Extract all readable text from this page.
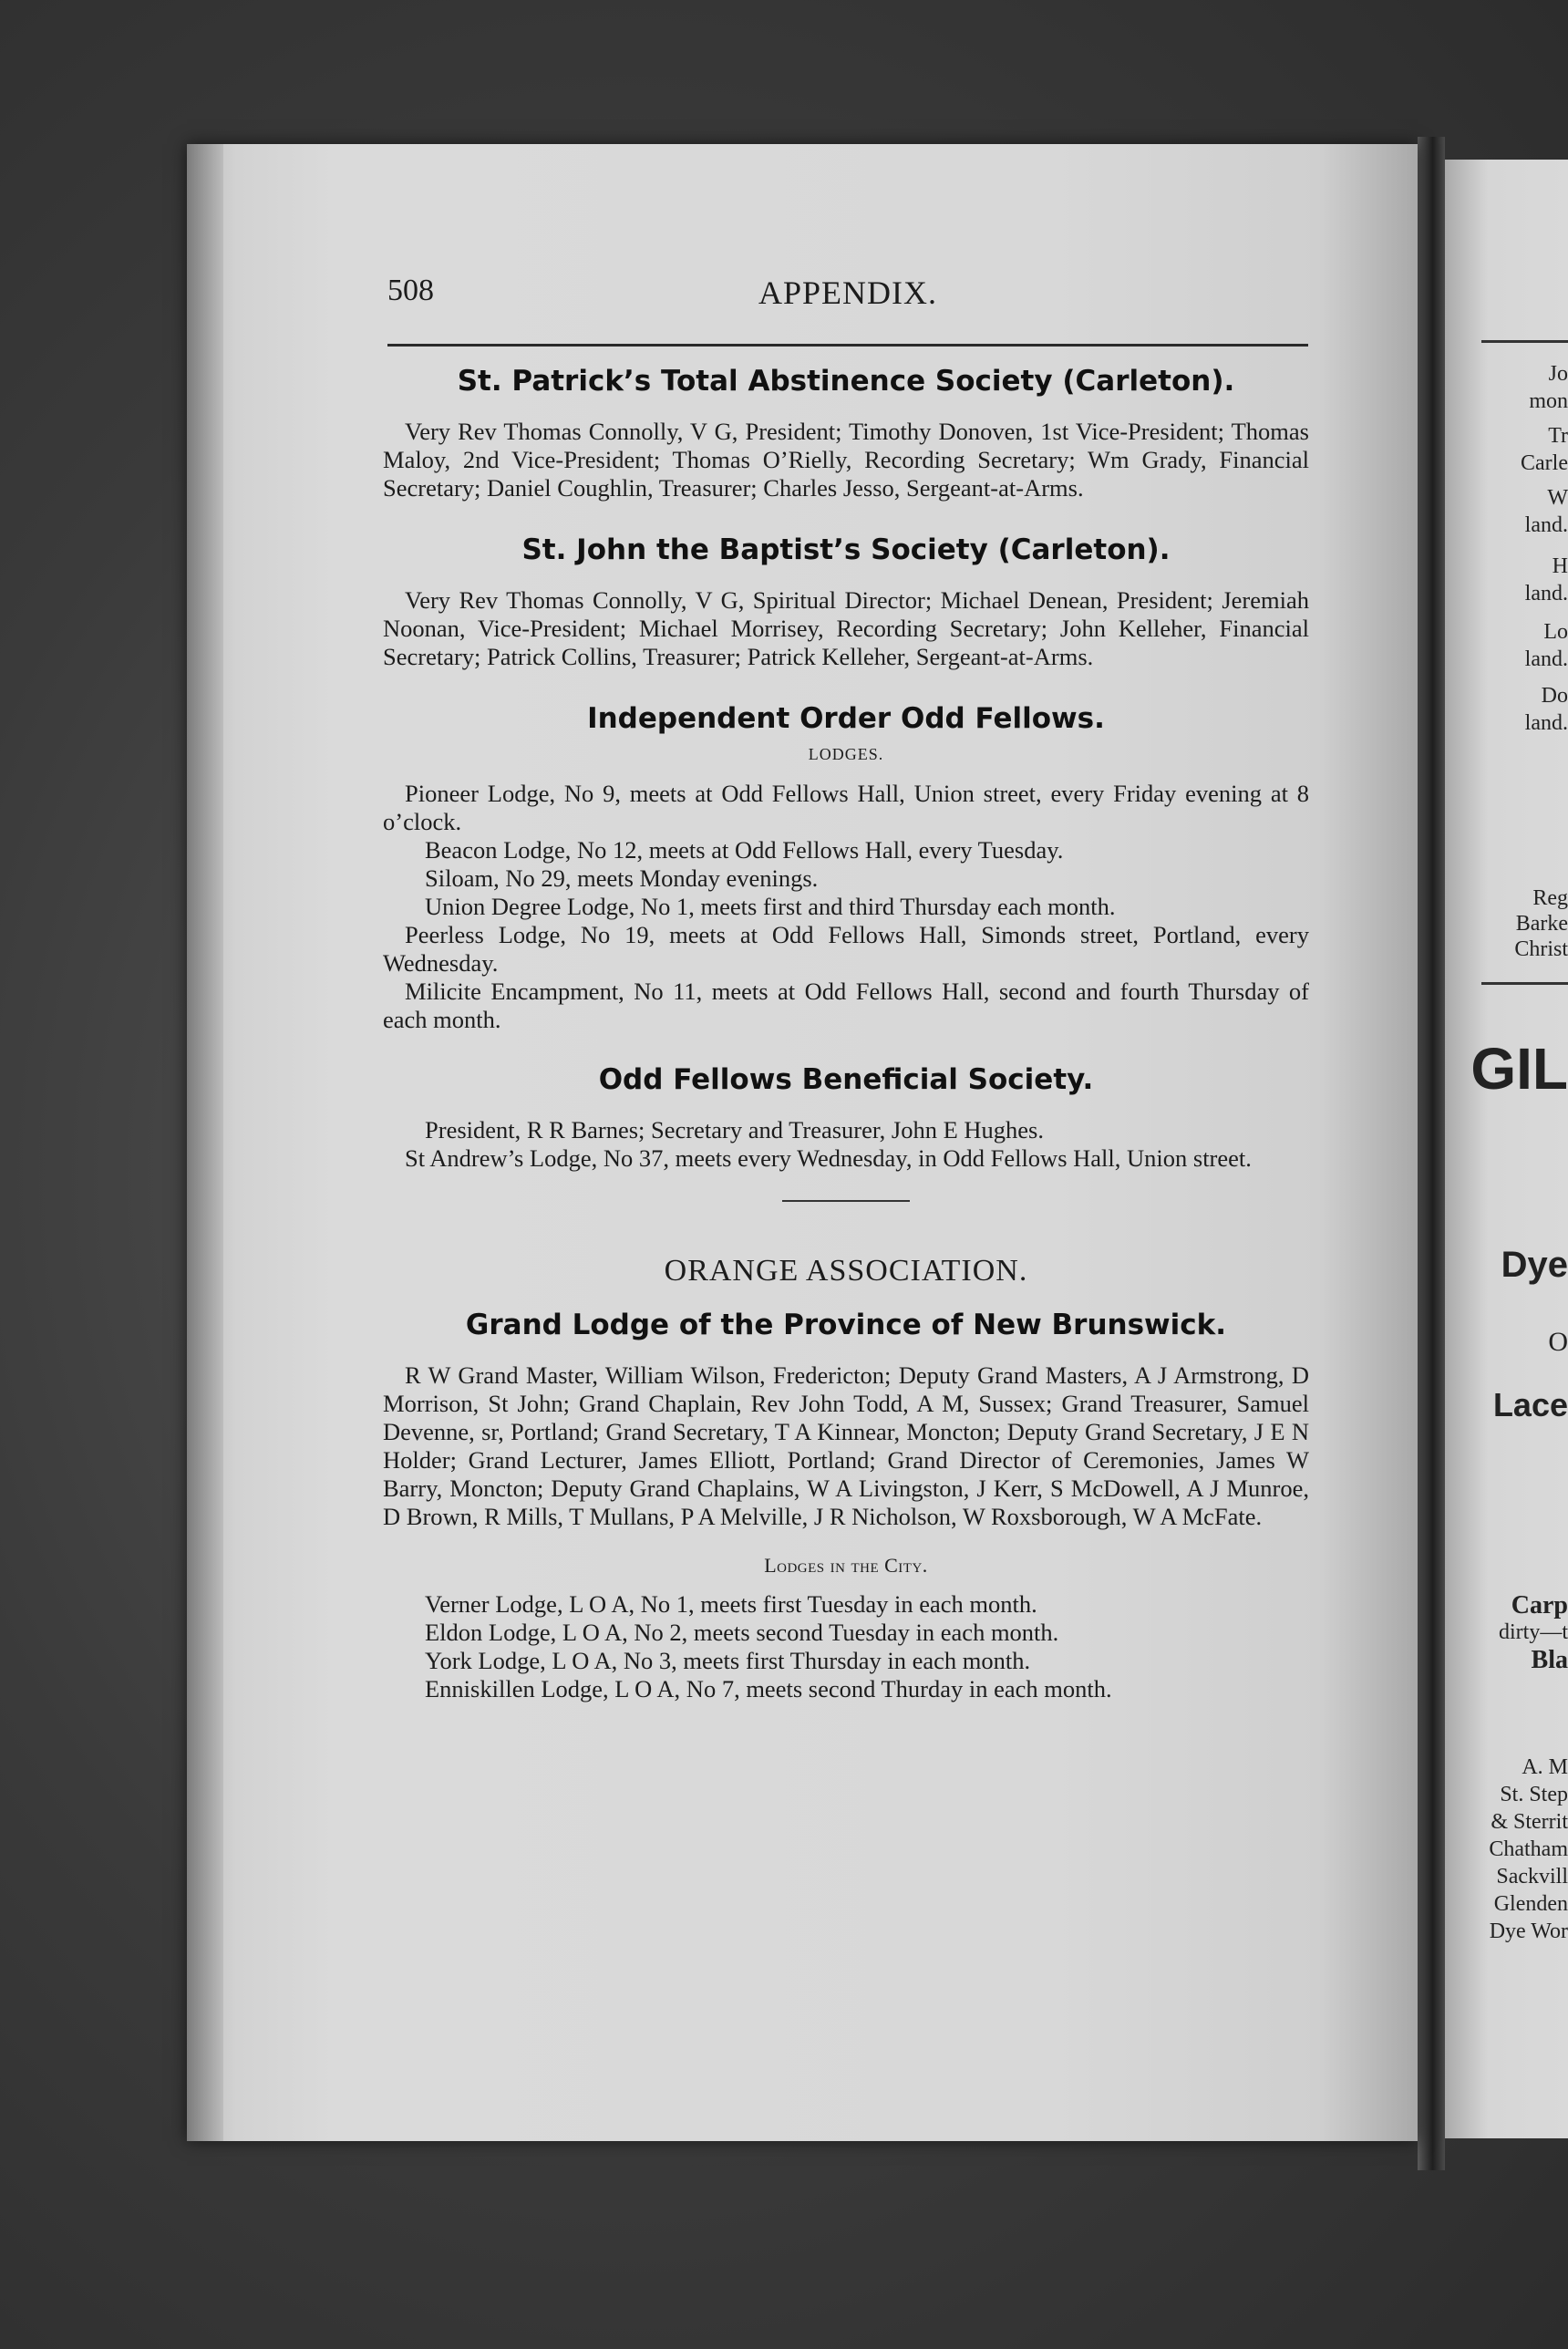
Jo
mon
Tr
Carle
W
land.
H
land.
Lo
land.
Do
land.
Reg
Barke
Christ
GIL
Dye
O
Lace
Carp
dirty—t
Bla
A. M
St. Step
& Sterrit
Chatham
Sackvill
Glenden
Dye Wor
508	APPENDIX.
St. Patrick’s Total Abstinence Society (Carleton).

Very Rev Thomas Connolly, V G, President; Timothy Donoven, 1st Vice-President; Thomas Maloy, 2nd Vice-President; Thomas O’Rielly, Recording Secretary; Wm Grady, Financial Secretary; Daniel Coughlin, Treasurer; Charles Jesso, Sergeant-at-Arms.

St. John the Baptist’s Society (Carleton).

Very Rev Thomas Connolly, V G, Spiritual Director; Michael Denean, President; Jeremiah Noonan, Vice-President; Michael Morrisey, Recording Secretary; John Kelleher, Financial Secretary; Patrick Collins, Treasurer; Patrick Kelleher, Sergeant-at-Arms.

Independent Order Odd Fellows.
LODGES.

Pioneer Lodge, No 9, meets at Odd Fellows Hall, Union street, every Friday evening at 8 o’clock.

Beacon Lodge, No 12, meets at Odd Fellows Hall, every Tuesday.

Siloam, No 29, meets Monday evenings.

Union Degree Lodge, No 1, meets first and third Thursday each month.

Peerless Lodge, No 19, meets at Odd Fellows Hall, Simonds street, Portland, every Wednesday.

Milicite Encampment, No 11, meets at Odd Fellows Hall, second and fourth Thursday of each month.

Odd Fellows Beneficial Society.

President, R R Barnes; Secretary and Treasurer, John E Hughes.

St Andrew’s Lodge, No 37, meets every Wednesday, in Odd Fellows Hall, Union street.

ORANGE ASSOCIATION.
Grand Lodge of the Province of New Brunswick.

R W Grand Master, William Wilson, Fredericton; Deputy Grand Masters, A J Armstrong, D Morrison, St John; Grand Chaplain, Rev John Todd, A M, Sussex; Grand Treasurer, Samuel Devenne, sr, Portland; Grand Secretary, T A Kinnear, Moncton; Deputy Grand Secretary, J E N Holder; Grand Lecturer, James Elliott, Portland; Grand Director of Ceremonies, James W Barry, Moncton; Deputy Grand Chaplains, W A Livingston, J Kerr, S McDowell, A J Munroe, D Brown, R Mills, T Mullans, P A Melville, J R Nicholson, W Roxsborough, W A McFate.

Lodges in the City.

Verner Lodge, L O A, No 1, meets first Tuesday in each month.

Eldon Lodge, L O A, No 2, meets second Tuesday in each month.

York Lodge, L O A, No 3, meets first Thursday in each month.

Enniskillen Lodge, L O A, No 7, meets second Thurday in each month.
